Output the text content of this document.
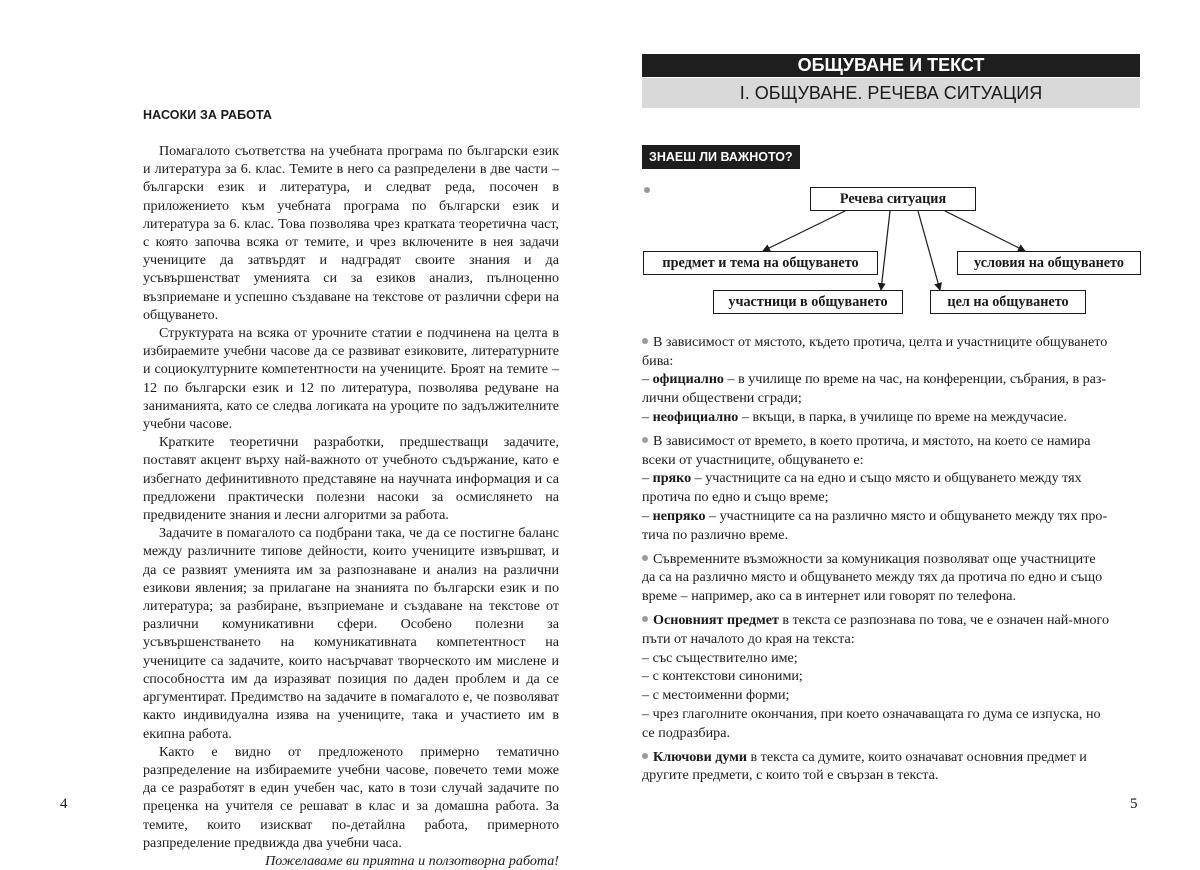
НАСОКИ ЗА РАБОТА

Помагалото съответства на учебната програма по български език и литература за 6. клас. Темите в него са разпределени в две части – български език и литература, и следват реда, посочен в приложението към учебната програма по български език и литература за 6. клас. Това позволява чрез кратката теоретична част, с която започва всяка от темите, и чрез включените в нея задачи учениците да затвърдят и надградят своите знания и да усъвършенстват уменията си за езиков анализ, пълноценно възприемане и успешно създаване на текстове от различни сфери на общуването.

Структурата на всяка от урочните статии е подчинена на целта в избираемите учебни часове да се развиват езиковите, литературните и социокултурните компетентности на учениците. Броят на темите – 12 по български език и 12 по литература, позволява редуване на заниманията, като се следва логиката на уроците по задължителните учебни часове.

Кратките теоретични разработки, предшестващи задачите, поставят акцент върху най-важното от учебното съдържание, като е избегнато дефинитивното представяне на научната информация и са предложени практически полезни насоки за осмислянето на предвидените знания и лесни алгоритми за работа.

Задачите в помагалото са подбрани така, че да се постигне баланс между различните типове дейности, които учениците извършват, и да се развият уменията им за разпознаване и анализ на различни езикови явления; за прилагане на знанията по български език и по литература; за разбиране, възприемане и създаване на текстове от различни комуникативни сфери. Особено полезни за усъвършенстването на комуникативната компетентност на учениците са задачите, които насърчават творческото им мислене и способността им да изразяват позиция по даден проблем и да се аргументират. Предимство на задачите в помагалото е, че позволяват както индивидуална изява на учениците, така и участието им в екипна работа.

Както е видно от предложеното примерно тематично разпределение на избираемите учебни часове, повечето теми може да се разработят в един учебен час, като в този случай задачите по преценка на учителя се решават в клас и за домашна работа. За темите, които изискват по-детайлна работа, примерното разпределение предвижда два учебни часа.

Пожелаваме ви приятна и ползотворна работа!

4
ОБЩУВАНЕ И ТЕКСТ
І. ОБЩУВАНЕ. РЕЧЕВА СИТУАЦИЯ
ЗНАЕШ ЛИ ВАЖНОТО?
Речева ситуация
предмет и тема на общуването	условия на общуването
участници в общуването	цел на общуването
В зависимост от мястото, където протича, целта и участниците общуването
бива:
– официално – в училище по време на час, на конференции, събрания, в раз-
лични обществени сгради;
– неофициално – вкъщи, в парка, в училище по време на междучасие.
В зависимост от времето, в което протича, и мястото, на което се намира
всеки от участниците, общуването е:
– пряко – участниците са на едно и също място и общуването между тях
протича по едно и също време;
– непряко – участниците са на различно място и общуването между тях про-
тича по различно време.
Съвременните възможности за комуникация позволяват още участниците
да са на различно място и общуването между тях да протича по едно и също
време – например, ако са в интернет или говорят по телефона.
Основният предмет в текста се разпознава по това, че е означен най-много
пъти от началото до края на текста:
– със съществително име;
– с контекстови синоними;
– с местоименни форми;
– чрез глаголните окончания, при което означаващата го дума се изпуска, но
се подразбира.
Ключови думи в текста са думите, които означават основния предмет и
другите предмети, с които той е свързан в текста.
5
